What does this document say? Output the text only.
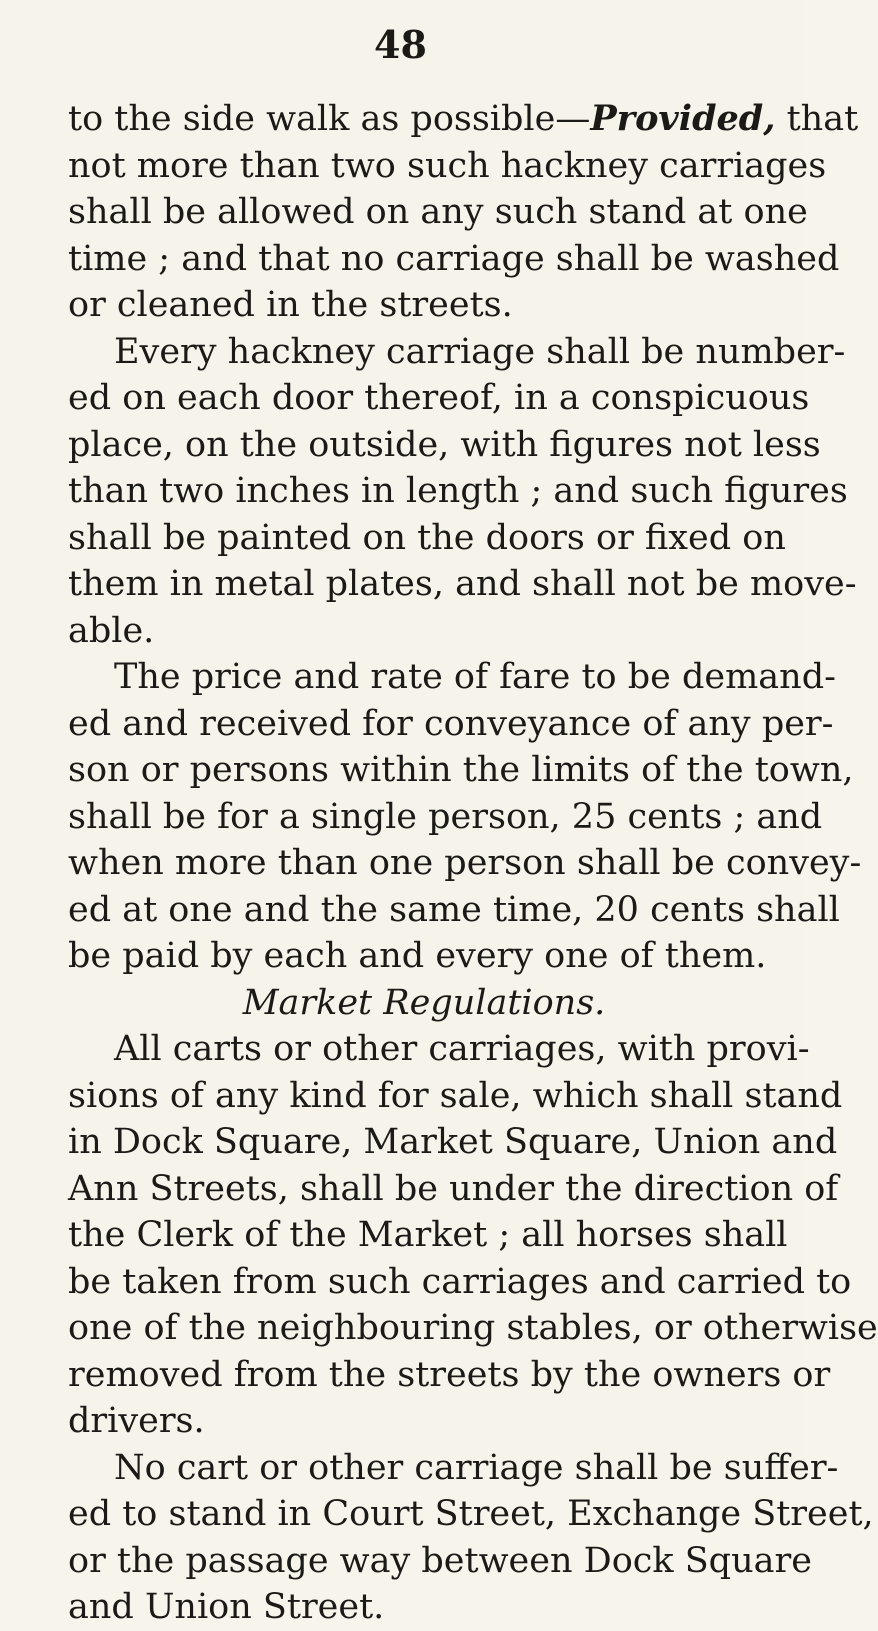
48
to the side walk as possible—Provided, that
not more than two such hackney carriages
shall be allowed on any such stand at one
time ; and that no carriage shall be washed
or cleaned in the streets.
Every hackney carriage shall be number-
ed on each door thereof, in a conspicuous
place, on the outside, with figures not less
than two inches in length ; and such figures
shall be painted on the doors or fixed on
them in metal plates, and shall not be move-
able.
The price and rate of fare to be demand-
ed and received for conveyance of any per-
son or persons within the limits of the town,
shall be for a single person, 25 cents ; and
when more than one person shall be convey-
ed at one and the same time, 20 cents shall
be paid by each and every one of them.
Market Regulations.
All carts or other carriages, with provi-
sions of any kind for sale, which shall stand
in Dock Square, Market Square, Union and
Ann Streets, shall be under the direction of
the Clerk of the Market ; all horses shall
be taken from such carriages and carried to
one of the neighbouring stables, or otherwise
removed from the streets by the owners or
drivers.
No cart or other carriage shall be suffer-
ed to stand in Court Street, Exchange Street,
or the passage way between Dock Square
and Union Street.
